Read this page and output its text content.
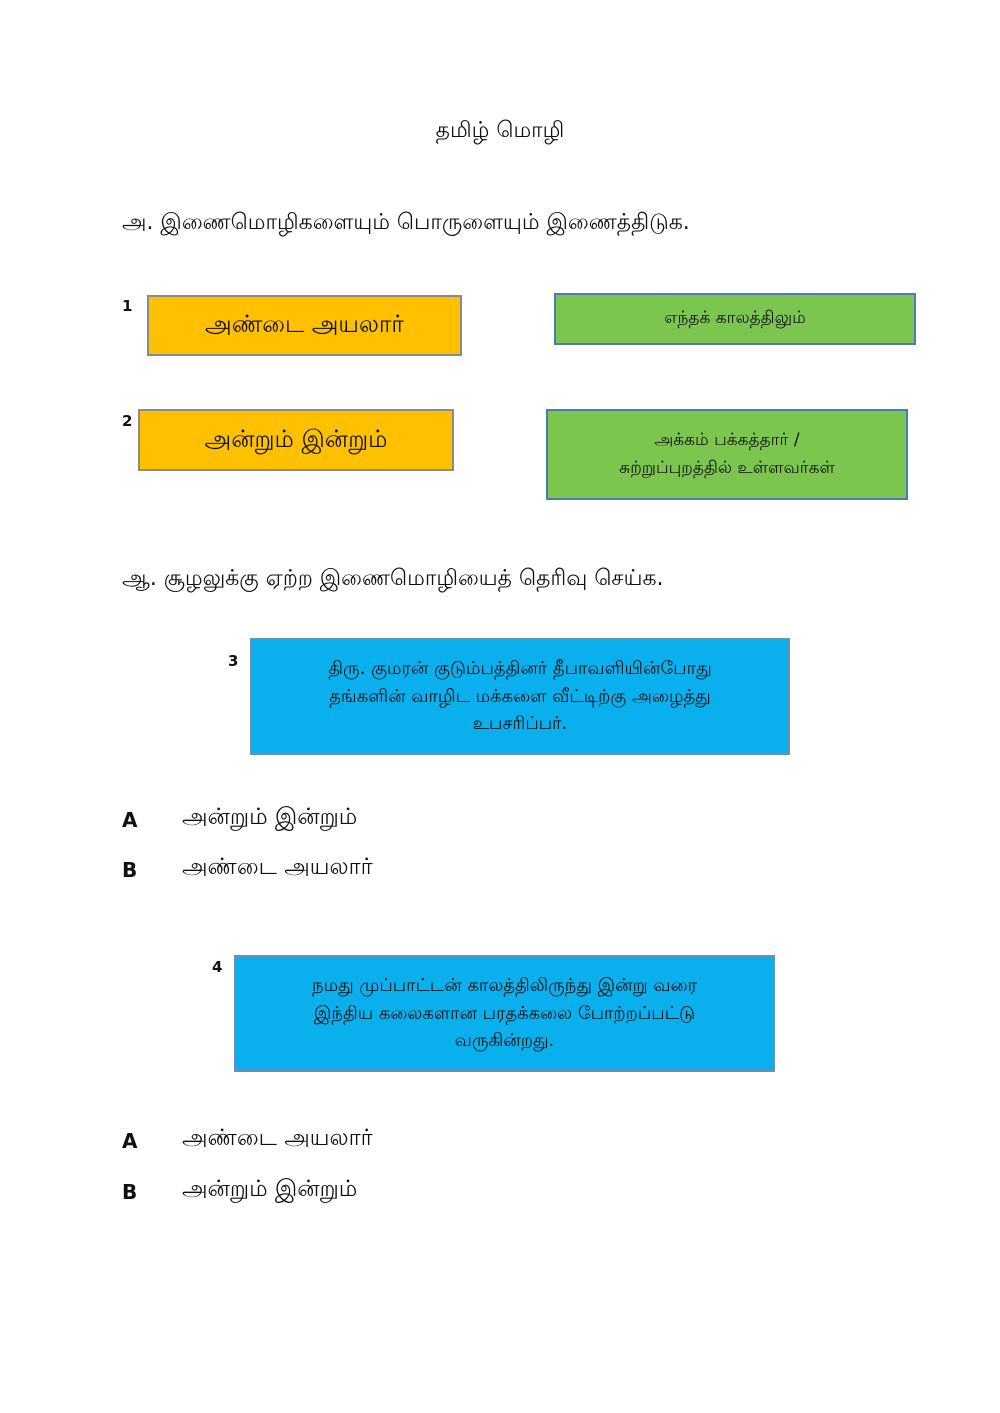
தமிழ் மொழி
அ. இணைமொழிகளையும் பொருளையும் இணைத்திடுக.
1
அண்டை அயலார்	எந்தக் காலத்திலும்
2
அன்றும் இன்றும்	அக்கம் பக்கத்தார் /
சுற்றுப்புறத்தில் உள்ளவர்கள்
ஆ. சூழலுக்கு ஏற்ற இணைமொழியைத் தெரிவு செய்க.
3	திரு. குமரன் குடும்பத்தினர் தீபாவளியின்போது
தங்களின் வாழிட மக்களை வீட்டிற்கு அழைத்து
உபசரிப்பர்.
A அன்றும் இன்றும்
B அண்டை அயலார்
4
நமது முப்பாட்டன் காலத்திலிருந்து இன்று வரை
இந்திய கலைகளான பரதக்கலை போற்றப்பட்டு
வருகின்றது.
A அண்டை அயலார்
B அன்றும் இன்றும்
